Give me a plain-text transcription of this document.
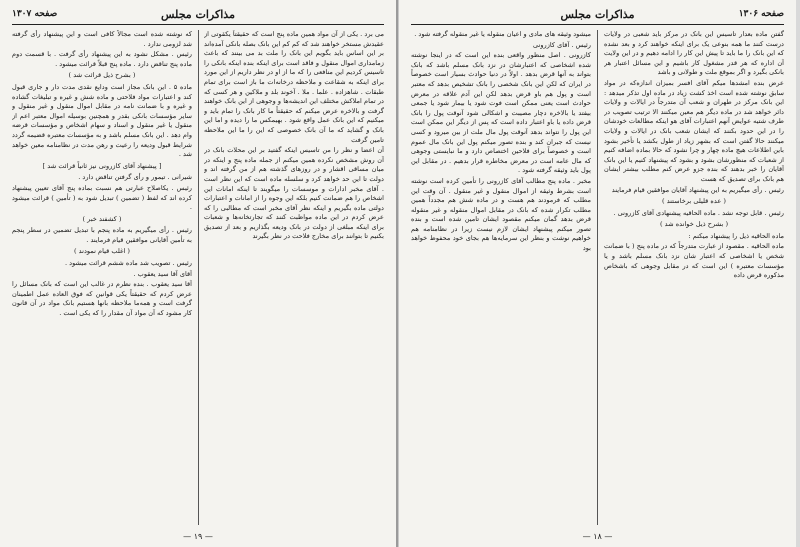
صفحه ۱۳۰۷	مذاکرات مجلس

می برد . یکی از آن مواد همین ماده پنج است که حقیقتاً یکقوتی از عقیدش مستخر خواهند شد که کم کم این بانک بصله بانکی آمده‌اند بر این اساس باید بگویم این بانک را ملت بد می بینند که باعث زمامداری اموال منقول و فاقد است برای اینکه بنده اینکه بانکی را تاسیس کردیم این منافعی را که ما از او در نظر داریم از این مورد برای اینکه به شقاعت و ملاحظه درخانه‌ات ما باز است برای تمام طبقات . شاهزاده . علما . ملا . آخوند بلد و ملاکین و هر کسی که در تمام املاکش مختلف این اندیشه‌ها و وجوهی از این بانک خواهند گرفت و بالاخره عرض میکنم که حقیقتاً ما کار بانک را تمام باید و میکنیم که این بانک عمل واقع شود . بهیمکس ما را دیده و اما این بانک و گشاید که ما آن بانک خصوصی که این را ما این ملاحظه تامین گرفت

آن اعضا و نظر را من تاسیس اینکه گفتید بر این محلات بانک در آن روش مشخص نکرده همین میکنم از جمله ماده پنج و اینکه در میان مساقی اقشار و در روزهای گذشته هم از من گرفته اند و دولت تا این حد خواهد کرد و سلسله ماده است که این نظر است . آقای مخبر ادارات و موسسات را میگویند تا اینکه امانات این اشخاص را هم ضمانت کنیم بلکه این وجوه را از امانات و اعتبارات دولتی ماده بگیریم و اینکه نظر آقای مخبر است که مطالبی را که عرض کردم در این ماده مواظبت کنند که تجارتخانه‌ها و شعبات برای اینکه مبلغی از دولت در بانک ودیعه بگذاریم و بعد از تصدیق بکنیم تا بتوانند برای مخارج فلاحت در نظر بگیرند

که نوشته شده است مجالاً کافی است و این پیشنهاد رأی گرفته شد لزومی ندارد .

رئیس . مشکل نشود به این پیشنهاد رأی گرفت . با قسمت دوم ماده پنج تناقض دارد . ماده پنج قبلاً قرائت میشود .

( بشرح ذیل قرائت شد )

ماده ۵ . این بانک مجاز است ودایع نقدی مدت دار و جاری قبول کند و اعتبارات مواد فلاحتی و ماده شش و غیره و تبلیغات گشاده و غیره و با ضمانت نامه در مقابل اموال منقول و غیر منقول و سایر مؤسسات بانکی بقدر و همچنین بوسیله اموال معتبر اعم از منقول یا غیر منقول و اسناد و سهام اشخاص و مؤسسات قرضه وام دهد . این بانک مسلم باشد و به مؤسسات معتبره قضیمه گردد شرایط قبول ودیعه را رعیت و رهن مدت در نظامنامه معین خواهد شد .

[ پیشنهاد آقای کازرونی نیز ثانیاً قرائت شد ]

شیرانی . تیمور و رأی گرفتن تناقض دارد .

رئیس . یکاصلاح عبارتی هم نسبت بماده پنج آقای تعیین پیشنهاد کرده اند که لفظ ( تضمین ) تبدیل شود به ( تأمین ) قرائت میشود .

( کشفند خبر )

رئیس . رأی میگیریم به ماده پنجم با تبدیل تضمین در سطر پنجم به تأمین آقایانی موافقین قیام فرمایند .

( اغلب قیام نمودند )

رئیس . تصویب شد ماده ششم قرائت میشود .

آقای آقا سید یعقوب .

آقا سید یعقوب . بنده نظرم در غالب این است که بانک مسائل را عرض کردم که حقیقتاً یکی قوانین که فوق العاده عمل اطمینان گرفت است و همه‌ما ملاحظه بانها هستیم بانک مواد در آن قانون کار مشود که آن مواد آن مقدار را که یکی است .

— ۱۹ —
صفحه ۱۳۰۶
مذاکرات مجلس

گفتن ماده بعدار تاسیس این بانک در مرکز باید شعبی در ولایات درست کنند ما همه بنوعی یک برای اینکه خواهند کرد و بعد نشده که این بانک را ما باید تا پیش این کار را ادامه دهیم و در این ولایت آن اداره که هر قدر مشغول کار باشیم و این مسائل اعتبار هر بانکی بگیرد و اگر بموقع ملت و طولانی و باشد

عرض بنده امشدها میکم آقای افسر بمیزان اندازه‌که در مواد سابق نوشته شده است اخذ کشت زیاد در ماده اول تذکر میدهد : این بانک مرکز در طهران و شعب آن متدرجاً در ایالات و ولایات دائر خواهد شد در ماده دیگر هم معین میکنند الا ترتیب تصویب در طرف شتیه عوایض آنهم اعتبارات آقای هو اینکه مطالعات خودشان را در این حدود بکنند که ایشان شعب بانک در ایالات و ولایات میکنند حالا گفتن است که بشهر زیاد از طول بکشد یا تأخیر بشود باین اطلاعات هیچ ماده چهار و چرا نشود که حالا بماده اضافه کنیم از شعبات که منظورشان بشود و بشود که پیشنهاد کنیم یا این بانک آقایان را خبر بدهند که بنده جزو عرض کنم مطلب بیشتر ایشان هم بانک برای تصدیق که هست

رئیس . رأی میگیریم به این پیشنهاد آقایان موافقین قیام فرمایند

( عده قلیلی برخاستند )

رئیس . قابل توجه نشد . ماده الحاقیه پیشنهادی آقای کازرونی .

( بشرح ذیل خوانده شد )

ماده الحاقیه ذیل را پیشنهاد میکنم :

ماده الحاقیه . مقصود از عبارت متدرجاً که در ماده پنج ( با ضمانت شخص یا اشخاصی که اعتبار شان نزد بانک مسلم باشد و یا مؤسسات معتبره ) این است که در مقابل وجوهی که باشخاص مذکوره قرض داده

میشود وثیقه های مادی و اعیان منقوله یا غیر منقوله گرفته شود .

رئیس . آقای کازرونی

کازرونی . اصل منظور واقعی بنده این است که در اینجا نوشته شده اشخاصی که اعتبارشان در نزد بانک مسلم باشد که بانک بتواند به آنها قرض بدهد . اولاً در دنیا حوادث بسیار است خصوصاً در ایران که لکن این بانک شخصی را بانک تشخیص بدهد که معتبر است و پول هم باو قرض بدهد لکن این آدم علاقه در معرض حوادث است یعنی ممکن است فوت شود یا بیمار شود یا جمعی بیفتد یا بالاخره دچار مصیبت و اشکالی شود آنوقت پول را بانک قرض داده یا باو اعتبار داده است که پس از دیگر این ممکن است این پول را نتواند بدهد آنوقت پول مال ملت از بین میرود و کسی نیست که جبران کند و بنده تصور میکنم پول این بانک مال عموم است و خصوصاً برای فلاحین اختصاص دارد و ما نبایستی وجوهی که مال عامه است در معرض مخاطره قرار بدهیم . در مقابل این پول باید وثیقه گرفته شود .

مخبر . ماده پنج مطالب آقای کازرونی را تأمین کرده است نوشته است بشرط وثیقه از اموال منقول و غیر منقول . آن وقت این مطلب که فرمودند هم هست و در ماده شش هم مجدداً همین مطلب تکرار شده که بانک در مقابل اموال منقوله و غیر منقوله قرض بدهد گمان میکنم مقصود ایشان تامین شده است و بنده تصور میکنم پیشنهاد ایشان لازم نیست زیرا در نظامنامه هم خواهیم نوشت و بنظر این سرمایه‌ها هم بجای خود محفوظ خواهد بود

— ۱۸ —
